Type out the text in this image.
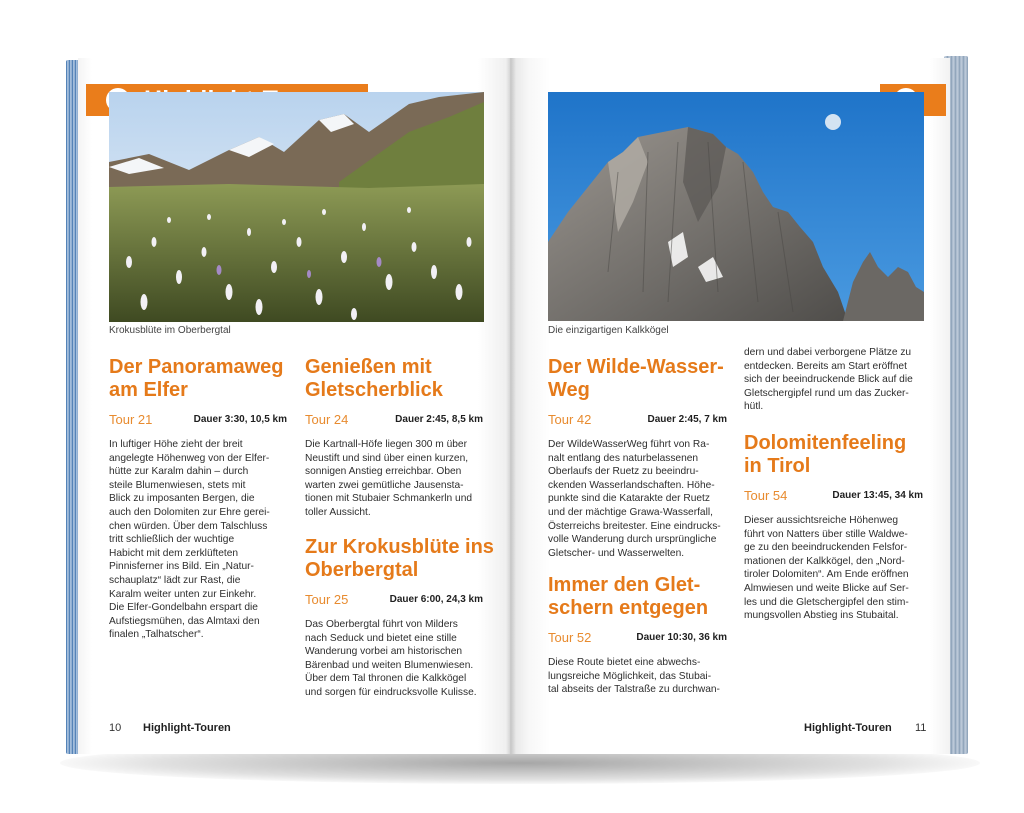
Krokusblüte im Oberbergtal
Der Panoramaweg
am Elfer
Tour 21	Dauer 3:30, 10,5 km
In luftiger Höhe zieht der breit
angelegte Höhenweg von der Elfer-
hütte zur Karalm dahin – durch
steile Blumenwiesen, stets mit
Blick zu imposanten Bergen, die
auch den Dolomiten zur Ehre gerei-
chen würden. Über dem Talschluss
tritt schließlich der wuchtige
Habicht mit dem zerklüfteten
Pinnisferner ins Bild. Ein „Natur-
schauplatz“ lädt zur Rast, die
Karalm weiter unten zur Einkehr.
Die Elfer-Gondelbahn erspart die
Aufstiegsmühen, das Almtaxi den
finalen „Talhatscher“.
Genießen mit
Gletscherblick
Tour 24	Dauer 2:45, 8,5 km
Die Kartnall-Höfe liegen 300 m über
Neustift und sind über einen kurzen,
sonnigen Anstieg erreichbar. Oben
warten zwei gemütliche Jausensta-
tionen mit Stubaier Schmankerln und
toller Aussicht.
Zur Krokusblüte ins
Oberbergtal
Tour 25	Dauer 6:00, 24,3 km
Das Oberbergtal führt von Milders
nach Seduck und bietet eine stille
Wanderung vorbei am historischen
Bärenbad und weiten Blumenwiesen.
Über dem Tal thronen die Kalkkögel
und sorgen für eindrucksvolle Kulisse.
10 Highlight-Touren
Die einzigartigen Kalkkögel
Der Wilde-Wasser-
Weg
Tour 42	Dauer 2:45, 7 km
Der WildeWasserWeg führt von Ra-
nalt entlang des naturbelassenen
Oberlaufs der Ruetz zu beeindru-
ckenden Wasserlandschaften. Höhe-
punkte sind die Katarakte der Ruetz
und der mächtige Grawa-Wasserfall,
Österreichs breitester. Eine eindrucks-
volle Wanderung durch ursprüngliche
Gletscher- und Wasserwelten.
Immer den Glet-
schern entgegen
Tour 52	Dauer 10:30, 36 km
Diese Route bietet eine abwechs-
lungsreiche Möglichkeit, das Stubai-
tal abseits der Talstraße zu durchwan-
dern und dabei verborgene Plätze zu
entdecken. Bereits am Start eröffnet
sich der beeindruckende Blick auf die
Gletschergipfel rund um das Zucker-
hütl.
Dolomitenfeeling
in Tirol
Tour 54	Dauer 13:45, 34 km
Dieser aussichtsreiche Höhenweg
führt von Natters über stille Waldwe-
ge zu den beeindruckenden Felsfor-
mationen der Kalkkögel, den „Nord-
tiroler Dolomiten“. Am Ende eröffnen
Almwiesen und weite Blicke auf Ser-
les und die Gletschergipfel den stim-
mungsvollen Abstieg ins Stubaital.
Highlight-Touren 11
